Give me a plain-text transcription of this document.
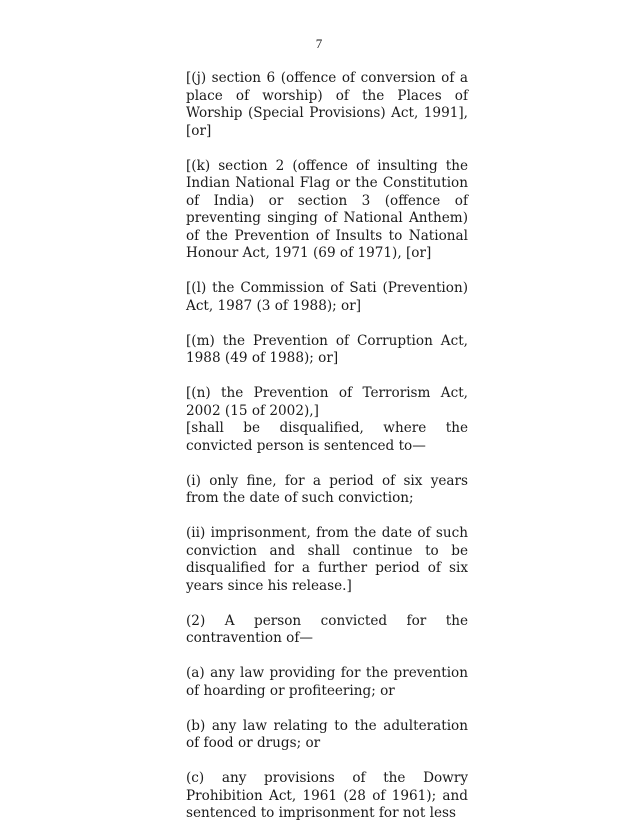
7

[(j) section 6 (offence of conversion of a place of worship) of the Places of Worship (Special Provisions) Act, 1991], [or]

[(k) section 2 (offence of insulting the Indian National Flag or the Constitution of India) or section 3 (offence of preventing singing of National Anthem) of the Prevention of Insults to National Honour Act, 1971 (69 of 1971), [or]

[(l) the Commission of Sati (Prevention) Act, 1987 (3 of 1988); or]

[(m) the Prevention of Corruption Act, 1988 (49 of 1988); or]

[(n) the Prevention of Terrorism Act, 2002 (15 of 2002),]

[shall be disqualified, where the convicted person is sentenced to—

(i) only fine, for a period of six years from the date of such conviction;

(ii) imprisonment, from the date of such conviction and shall continue to be disqualified for a further period of six years since his release.]

(2) A person convicted for the contravention of—

(a) any law providing for the prevention of hoarding or profiteering; or

(b) any law relating to the adulteration of food or drugs; or

(c) any provisions of the Dowry Prohibition Act, 1961 (28 of 1961); and sentenced to imprisonment for not less
